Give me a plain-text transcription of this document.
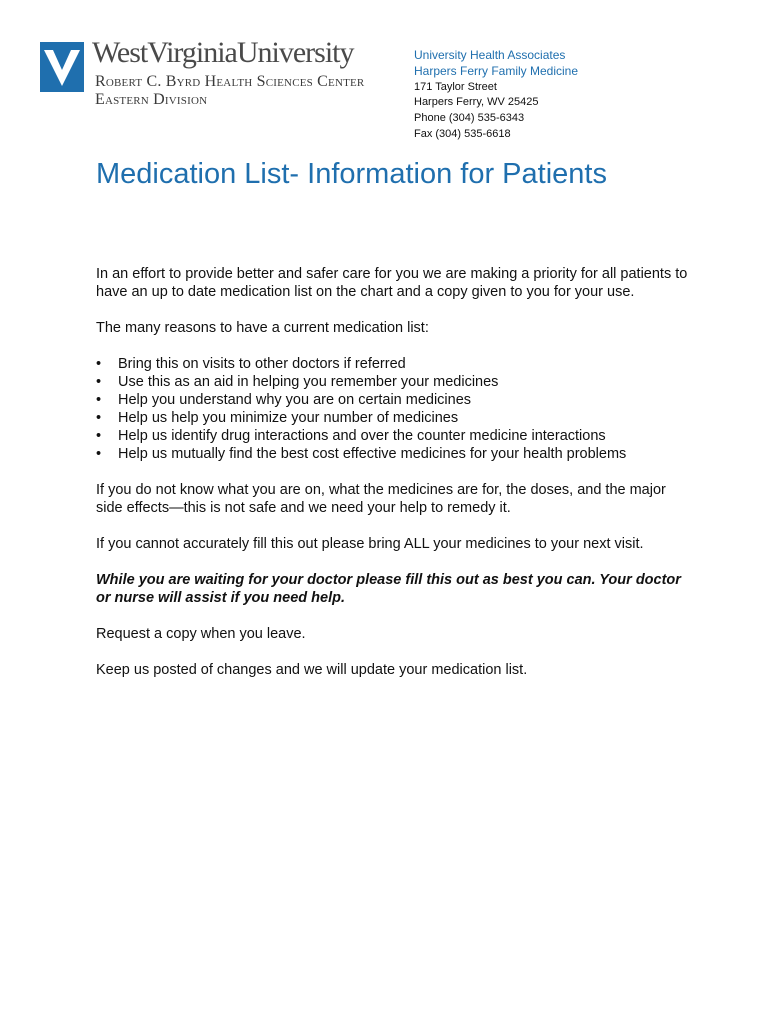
WestVirginiaUniversity
Robert C. Byrd Health Sciences Center
Eastern Division
University Health Associates
Harpers Ferry Family Medicine
171 Taylor Street
Harpers Ferry, WV 25425
Phone (304) 535-6343
Fax (304) 535-6618
Medication List- Information for Patients

In an effort to provide better and safer care for you we are making a priority for all patients to have an up to date medication list on the chart and a copy given to you for your use.

The many reasons to have a current medication list:

• Bring this on visits to other doctors if referred
• Use this as an aid in helping you remember your medicines
• Help you understand why you are on certain medicines
• Help us help you minimize your number of medicines
• Help us identify drug interactions and over the counter medicine interactions
• Help us mutually find the best cost effective medicines for your health problems

If you do not know what you are on, what the medicines are for, the doses, and the major side effects—this is not safe and we need your help to remedy it.

If you cannot accurately fill this out please bring ALL your medicines to your next visit.

While you are waiting for your doctor please fill this out as best you can. Your doctor or nurse will assist if you need help.

Request a copy when you leave.

Keep us posted of changes and we will update your medication list.
